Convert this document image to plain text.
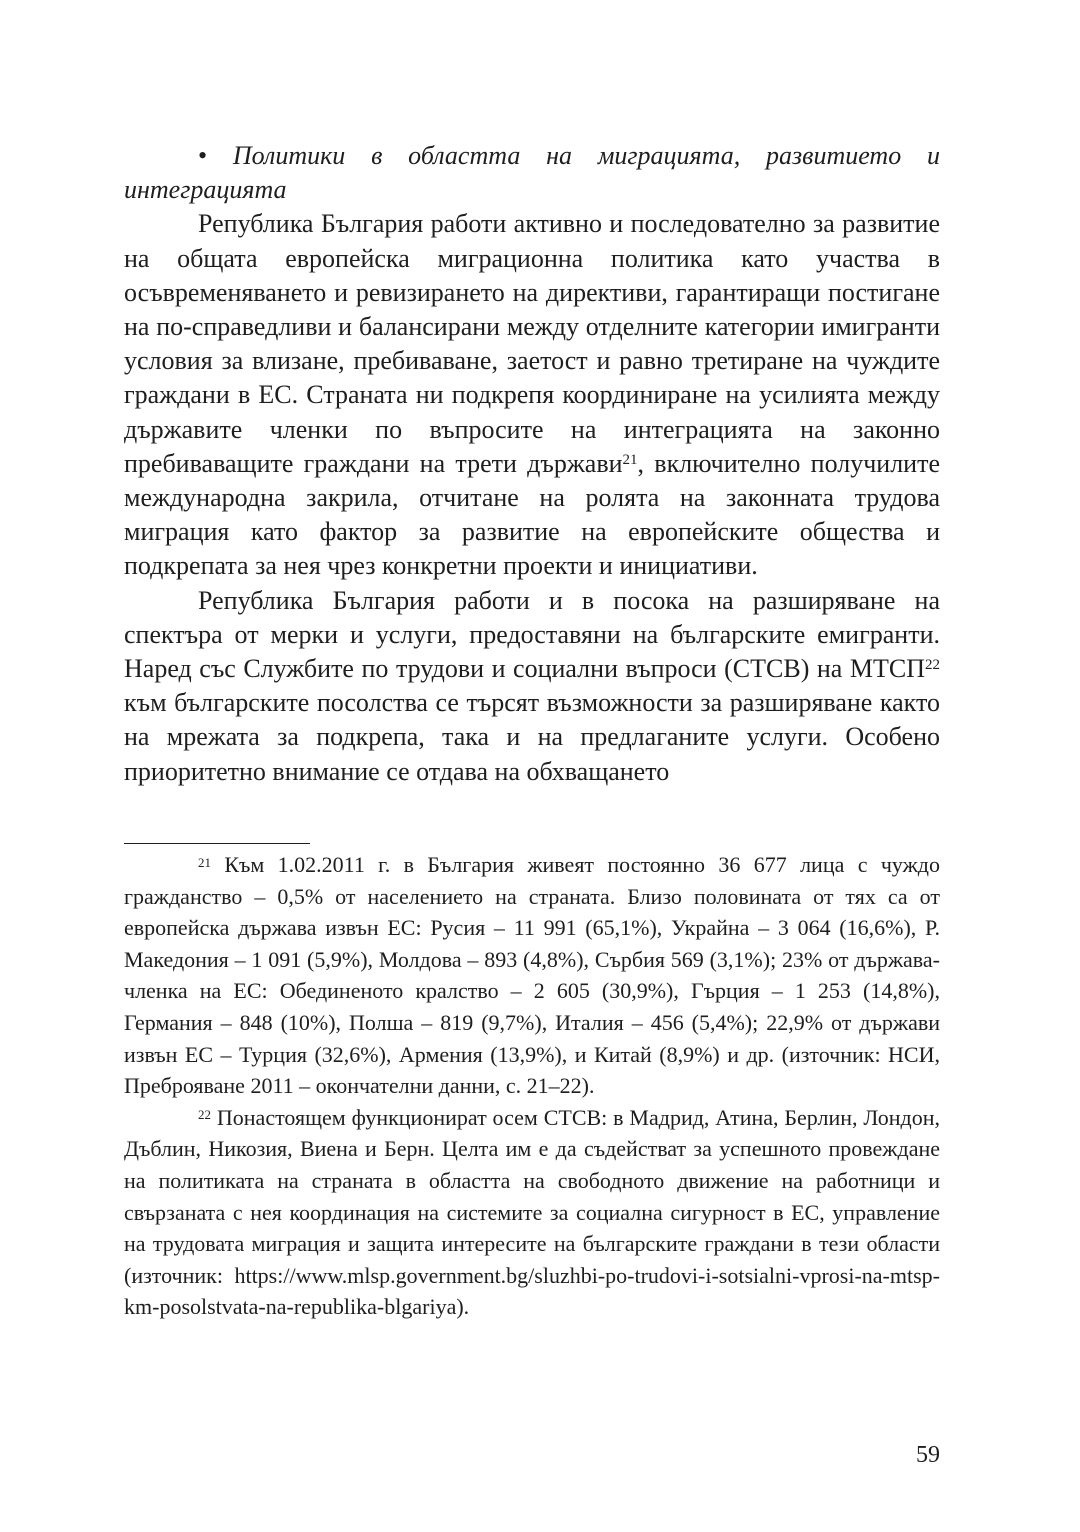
• Политики в областта на миграцията, развитието и интеграцията

Република България работи активно и последователно за развитие на общата европейска миграционна политика като участва в осъвременяването и ревизирането на директиви, гарантиращи постигане на по-справедливи и балансирани между отделните категории имигранти условия за влизане, пребиваване, заетост и равно третиране на чуждите граждани в ЕС. Страната ни подкрепя координиране на усилията между държавите членки по въпросите на интеграцията на законно пребиваващите граждани на трети държави$^{21}$, включително получилите международна закрила, отчитане на ролята на законната трудова миграция като фактор за развитие на европейските общества и подкрепата за нея чрез конкретни проекти и инициативи.

Република България работи и в посока на разширяване на спектъра от мерки и услуги, предоставяни на българските емигранти. Наред със Службите по трудови и социални въпроси (СТСВ) на МТСП$^{22}$ към българските посолства се търсят възможности за разширяване както на мрежата за подкрепа, така и на предлаганите услуги. Особено приоритетно внимание се отдава на обхващането

$^{21}$ Към 1.02.2011 г. в България живеят постоянно 36 677 лица с чуждо гражданство – 0,5% от населението на страната. Близо половината от тях са от европейска държава извън ЕС: Русия – 11 991 (65,1%), Украйна – 3 064 (16,6%), Р. Македония – 1 091 (5,9%), Молдова – 893 (4,8%), Сърбия 569 (3,1%); 23% от държава-членка на ЕС: Обединеното кралство – 2 605 (30,9%), Гърция – 1 253 (14,8%), Германия – 848 (10%), Полша – 819 (9,7%), Италия – 456 (5,4%); 22,9% от държави извън ЕС – Турция (32,6%), Армения (13,9%), и Китай (8,9%) и др. (източник: НСИ, Преброяване 2011 – окончателни данни, с. 21–22).

$^{22}$ Понастоящем функционират осем СТСВ: в Мадрид, Атина, Берлин, Лондон, Дъблин, Никозия, Виена и Берн. Целта им е да съдействат за успешното провеждане на политиката на страната в областта на свободното движение на работници и свързаната с нея координация на системите за социална сигурност в ЕС, управление на трудовата миграция и защита интересите на българските граждани в тези области (източник: https://www.mlsp.government.bg/sluzhbi-po-trudovi-i-sotsialni-vprosi-na-mtsp-km-posolstvata-na-republika-blgariya).

59
